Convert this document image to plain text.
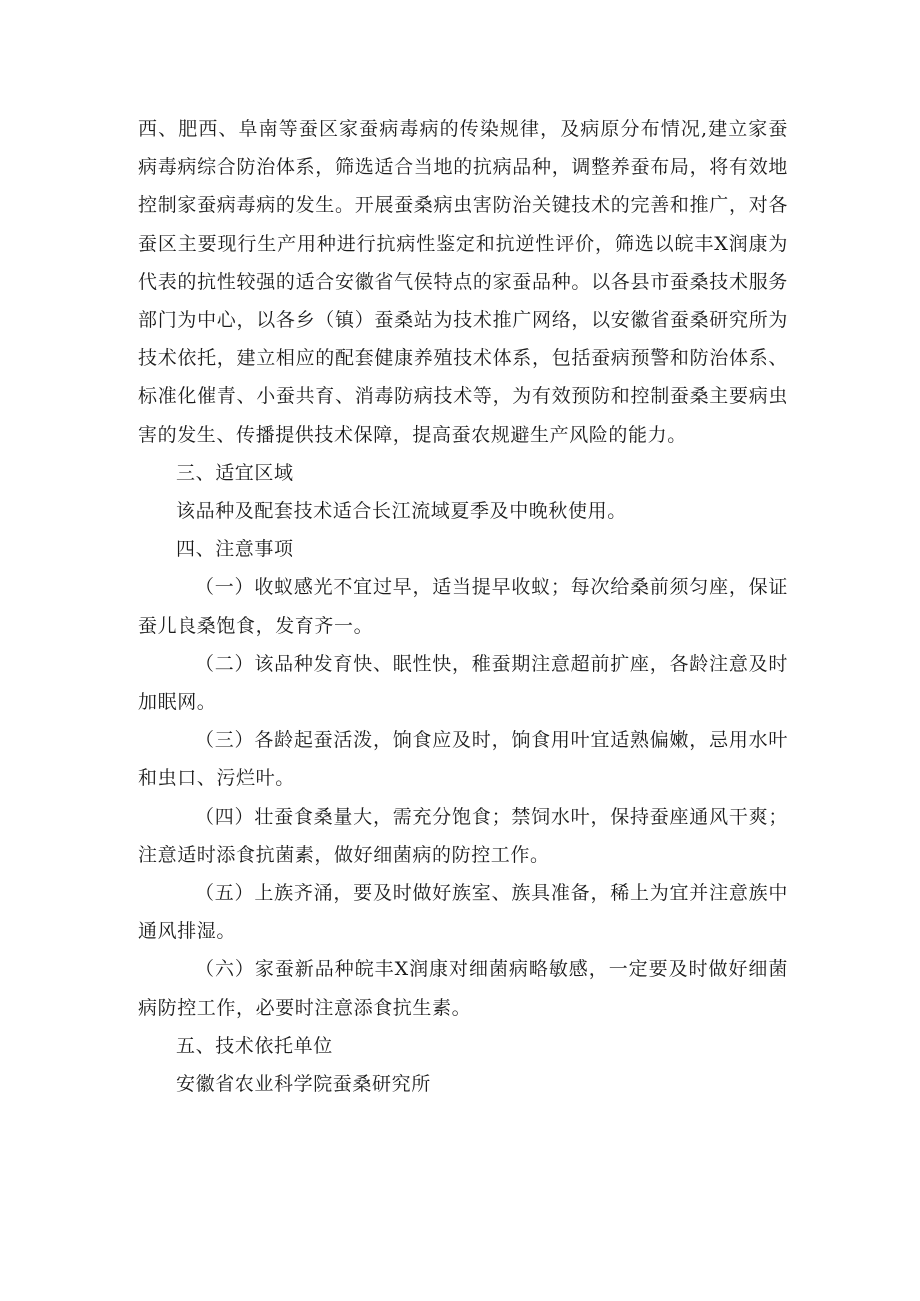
西、肥西、阜南等蚕区家蚕病毒病的传染规律，及病原分布情况,建立家蚕病毒病综合防治体系，筛选适合当地的抗病品种，调整养蚕布局，将有效地控制家蚕病毒病的发生。开展蚕桑病虫害防治关键技术的完善和推广，对各蚕区主要现行生产用种进行抗病性鉴定和抗逆性评价，筛选以皖丰X润康为代表的抗性较强的适合安徽省气侯特点的家蚕品种。以各县市蚕桑技术服务部门为中心，以各乡（镇）蚕桑站为技术推广网络，以安徽省蚕桑研究所为技术依托，建立相应的配套健康养殖技术体系，包括蚕病预警和防治体系、标准化催青、小蚕共育、消毒防病技术等，为有效预防和控制蚕桑主要病虫害的发生、传播提供技术保障，提高蚕农规避生产风险的能力。

三、适宜区域

该品种及配套技术适合长江流域夏季及中晚秋使用。

四、注意事项

（一）收蚁感光不宜过早，适当提早收蚁；每次给桑前须匀座，保证蚕儿良桑饱食，发育齐一。

（二）该品种发育快、眠性快，稚蚕期注意超前扩座，各龄注意及时加眠网。

（三）各龄起蚕活泼，饷食应及时，饷食用叶宜适熟偏嫩，忌用水叶和虫口、污烂叶。

（四）壮蚕食桑量大，需充分饱食；禁饲水叶，保持蚕座通风干爽；注意适时添食抗菌素，做好细菌病的防控工作。

（五）上族齐涌，要及时做好族室、族具准备，稀上为宜并注意族中通风排湿。

（六）家蚕新品种皖丰X润康对细菌病略敏感，一定要及时做好细菌病防控工作，必要时注意添食抗生素。

五、技术依托单位

安徽省农业科学院蚕桑研究所
